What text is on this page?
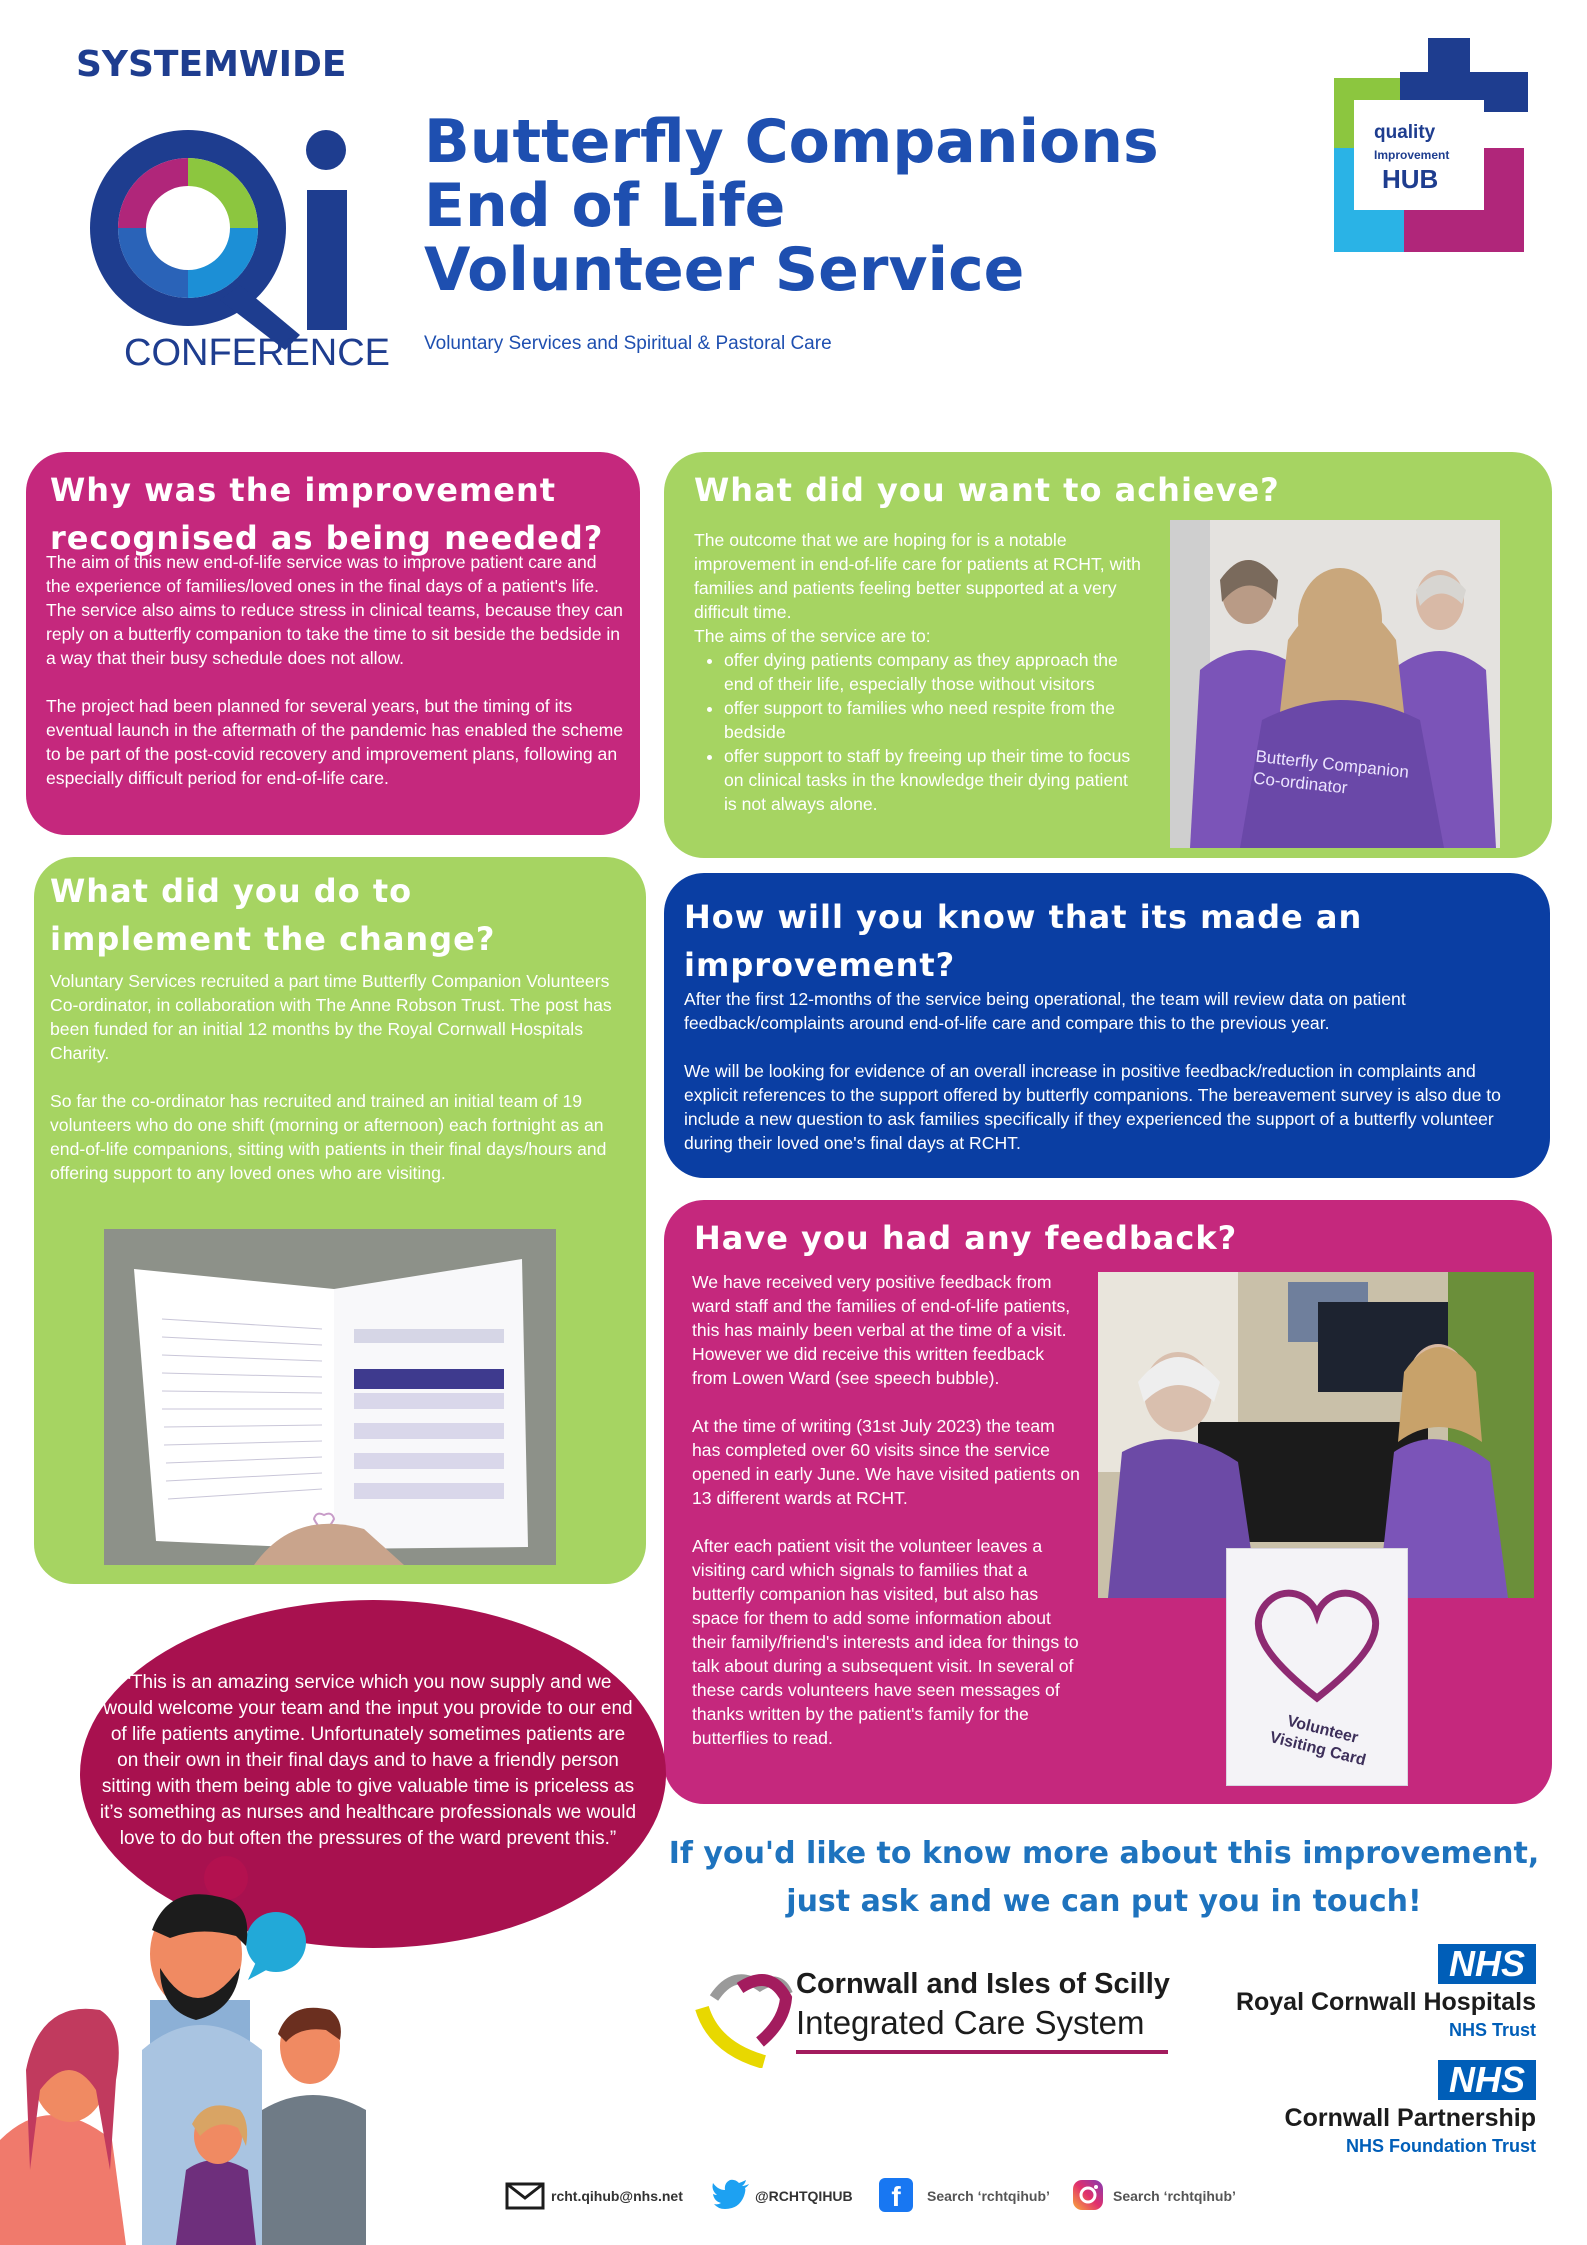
SYSTEMWIDE
CONFERENCE
Butterfly Companions
End of Life
Volunteer Service
Voluntary Services and Spiritual & Pastoral Care
quality
Improvement
HUB
Why was the improvement recognised as being needed?

The aim of this new end-of-life service was to improve patient care and the experience of families/loved ones in the final days of a patient's life. The service also aims to reduce stress in clinical teams, because they can reply on a butterfly companion to take the time to sit beside the bedside in a way that their busy schedule does not allow.

The project had been planned for several years, but the timing of its eventual launch in the aftermath of the pandemic has enabled the scheme to be part of the post-covid recovery and improvement plans, following an especially difficult period for end-of-life care.

What did you want to achieve?

The outcome that we are hoping for is a notable improvement in end-of-life care for patients at RCHT, with families and patients feeling better supported at a very difficult time.

The aims of the service are to:

• offer dying patients company as they approach the end of their life, especially those without visitors
• offer support to families who need respite from the bedside
• offer support to staff by freeing up their time to focus on clinical tasks in the knowledge their dying patient is not always alone.
Butterfly Companion Co-ordinator
What did you do to implement the change?

Voluntary Services recruited a part time Butterfly Companion Volunteers Co-ordinator, in collaboration with The Anne Robson Trust. The post has been funded for an initial 12 months by the Royal Cornwall Hospitals Charity.

So far the co-ordinator has recruited and trained an initial team of 19 volunteers who do one shift (morning or afternoon) each fortnight as an end-of-life companions, sitting with patients in their final days/hours and offering support to any loved ones who are visiting.

How will you know that its made an improvement?

After the first 12-months of the service being operational, the team will review data on patient feedback/complaints around end-of-life care and compare this to the previous year.

We will be looking for evidence of an overall increase in positive feedback/reduction in complaints and explicit references to the support offered by butterfly companions. The bereavement survey is also due to include a new question to ask families specifically if they experienced the support of a butterfly volunteer during their loved one's final days at RCHT.

Have you had any feedback?

We have received very positive feedback from ward staff and the families of end-of-life patients, this has mainly been verbal at the time of a visit. However we did receive this written feedback from Lowen Ward (see speech bubble).

At the time of writing (31st July 2023) the team has completed over 60 visits since the service opened in early June. We have visited patients on 13 different wards at RCHT.

After each patient visit the volunteer leaves a visiting card which signals to families that a butterfly companion has visited, but also has space for them to add some information about their family/friend's interests and idea for things to talk about during a subsequent visit. In several of these cards volunteers have seen messages of thanks written by the patient's family for the butterflies to read.	Volunteer Visiting Card
“This is an amazing service which you now supply and we would welcome your team and the input you provide to our end of life patients anytime. Unfortunately sometimes patients are on their own in their final days and to have a friendly person sitting with them being able to give valuable time is priceless as it’s something as nurses and healthcare professionals we would love to do but often the pressures of the ward prevent this.”	If you'd like to know more about this improvement,
just ask and we can put you in touch!
Cornwall and Isles of Scilly
Integrated Care System
NHS
Royal Cornwall Hospitals
NHS Trust
NHS
Cornwall Partnership
NHS Foundation Trust
rcht.qihub@nhs.net	@RCHTQIHUB	f	Search ‘rchtqihub’	Search ‘rchtqihub’
